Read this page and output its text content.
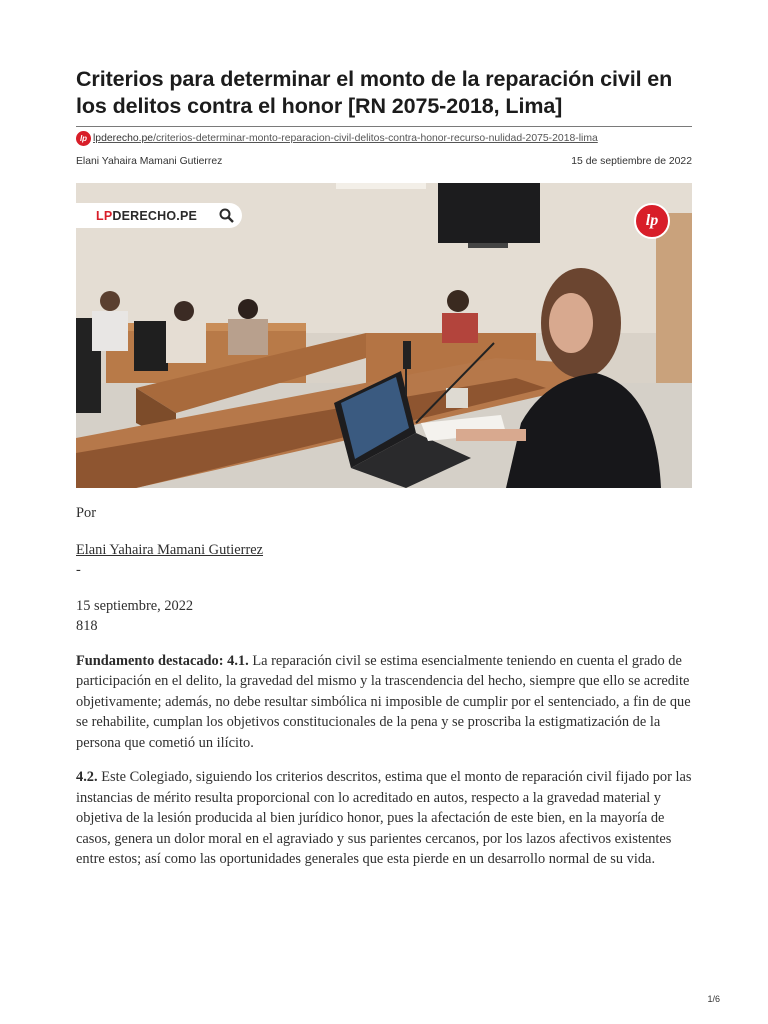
Criterios para determinar el monto de la reparación civil en los delitos contra el honor [RN 2075-2018, Lima]
lp lpderecho.pe/criterios-determinar-monto-reparacion-civil-delitos-contra-honor-recurso-nulidad-2075-2018-lima
Elani Yahaira Mamani Gutierrez	15 de septiembre de 2022
LP DERECHO.PE	lp
Por
Elani Yahaira Mamani Gutierrez
-
15 septiembre, 2022
818

Fundamento destacado: 4.1. La reparación civil se estima esencialmente teniendo en cuenta el grado de participación en el delito, la gravedad del mismo y la trascendencia del hecho, siempre que ello se acredite objetivamente; además, no debe resultar simbólica ni imposible de cumplir por el sentenciado, a fin de que se rehabilite, cumplan los objetivos constitucionales de la pena y se proscriba la estigmatización de la persona que cometió un ilícito.

4.2. Este Colegiado, siguiendo los criterios descritos, estima que el monto de reparación civil fijado por las instancias de mérito resulta proporcional con lo acreditado en autos, respecto a la gravedad material y objetiva de la lesión producida al bien jurídico honor, pues la afectación de este bien, en la mayoría de casos, genera un dolor moral en el agraviado y sus parientes cercanos, por los lazos afectivos existentes entre estos; así como las oportunidades generales que esta pierde en un desarrollo normal de su vida.

1/6
